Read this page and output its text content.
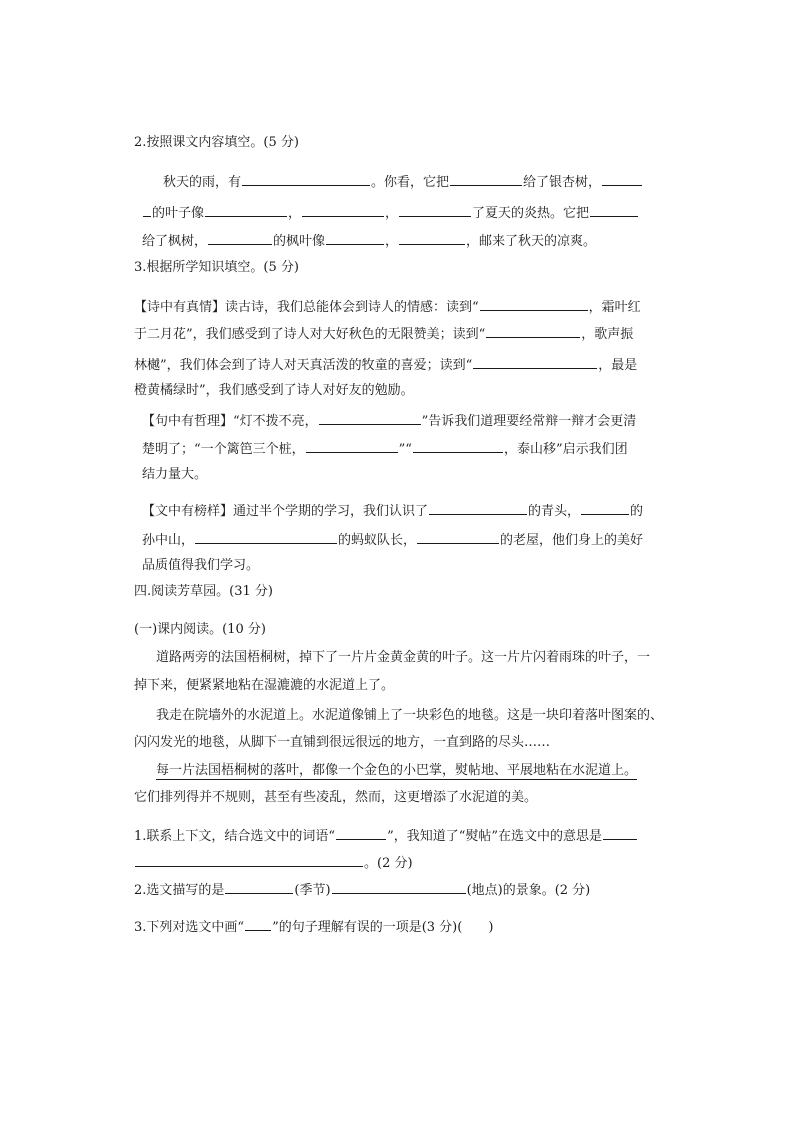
2.按照课文内容填空。(5 分)
秋天的雨，有	。你看，它把	给了银杏树，
的叶子像	，	，	了夏天的炎热。它把
给了枫树，	的枫叶像	，	，邮来了秋天的凉爽。
3.根据所学知识填空。(5 分)
【诗中有真情】读古诗，我们总能体会到诗人的情感：读到“	，霜叶红
于二月花”，我们感受到了诗人对大好秋色的无限赞美；读到“	，歌声振
林樾”，我们体会到了诗人对天真活泼的牧童的喜爱；读到“	，最是
橙黄橘绿时”，我们感受到了诗人对好友的勉励。
【句中有哲理】“灯不拨不亮，	”告诉我们道理要经常辩一辩才会更清
楚明了；“一个篱笆三个桩，	”“	，泰山移”启示我们团
结力量大。
【文中有榜样】通过半个学期的学习，我们认识了	的青头，	的
孙中山，	的蚂蚁队长，	的老屋，他们身上的美好
品质值得我们学习。
四.阅读芳草园。(31 分)
(一)课内阅读。(10 分)
道路两旁的法国梧桐树，掉下了一片片金黄金黄的叶子。这一片片闪着雨珠的叶子，一
掉下来，便紧紧地粘在湿漉漉的水泥道上了。
我走在院墙外的水泥道上。水泥道像铺上了一块彩色的地毯。这是一块印着落叶图案的、
闪闪发光的地毯，从脚下一直铺到很远很远的地方，一直到路的尽头……
每一片法国梧桐树的落叶，都像一个金色的小巴掌，熨帖地、平展地粘在水泥道上。
它们排列得并不规则，甚至有些凌乱，然而，这更增添了水泥道的美。
1.联系上下文，结合选文中的词语“	”，我知道了“熨帖”在选文中的意思是
。(2 分)
2.选文描写的是	(季节)	(地点)的景象。(2 分)
3.下列对选文中画“ ”的句子理解有误的一项是(3 分)( )
